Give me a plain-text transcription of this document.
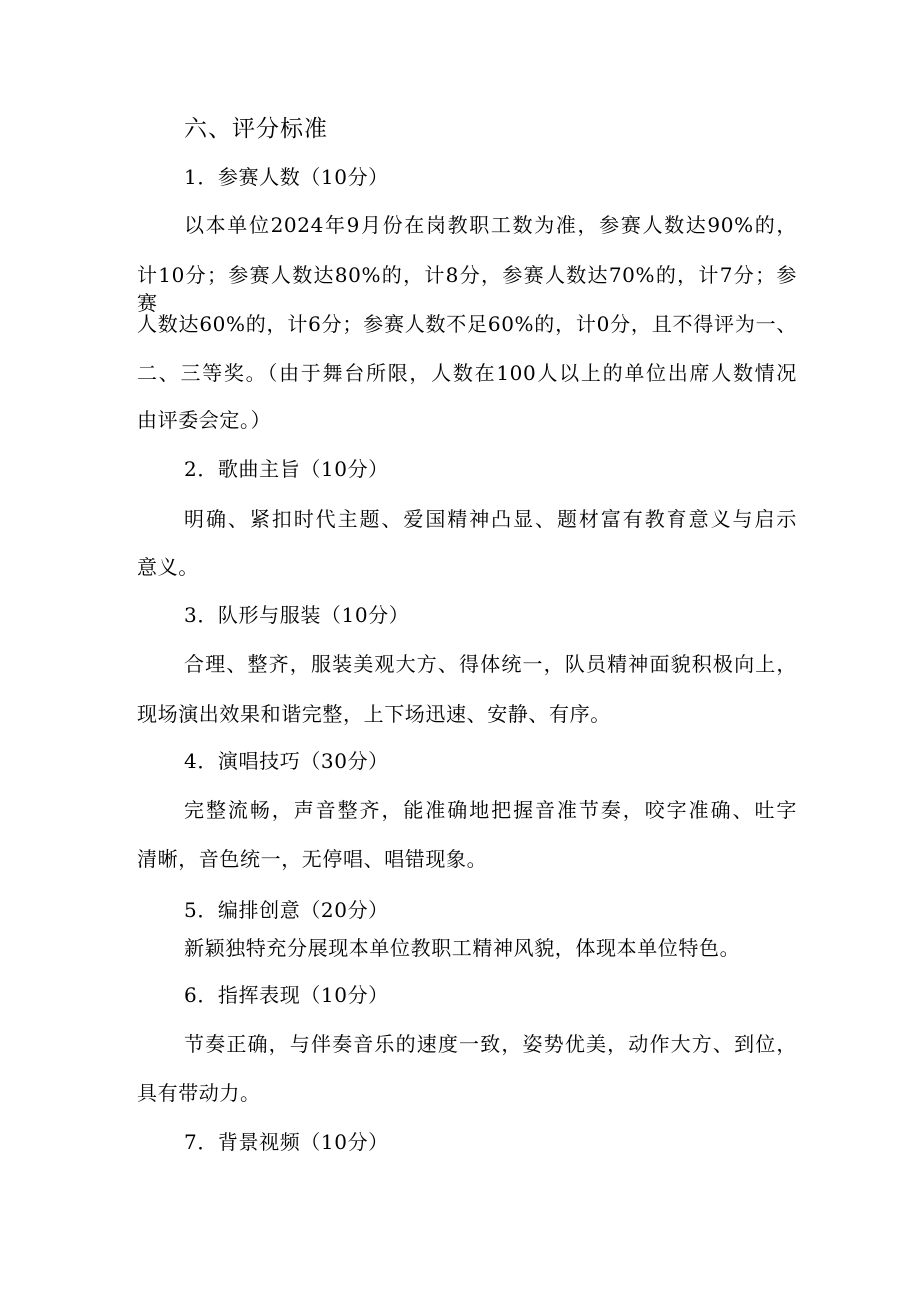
六、评分标准
1．参赛人数（10分）
以本单位2024年9月份在岗教职工数为准，参赛人数达90%的，
计10分；参赛人数达80%的，计8分，参赛人数达70%的，计7分；参赛
人数达60%的，计6分；参赛人数不足60%的，计0分，且不得评为一、
二、三等奖。（由于舞台所限，人数在100人以上的单位出席人数情况
由评委会定。）
2．歌曲主旨（10分）
明确、紧扣时代主题、爱国精神凸显、题材富有教育意义与启示
意义。
3．队形与服装（10分）
合理、整齐，服装美观大方、得体统一，队员精神面貌积极向上，
现场演出效果和谐完整，上下场迅速、安静、有序。
4．演唱技巧（30分）
完整流畅，声音整齐，能准确地把握音准节奏，咬字准确、吐字
清晰，音色统一，无停唱、唱错现象。
5．编排创意（20分）
新颖独特充分展现本单位教职工精神风貌，体现本单位特色。
6．指挥表现（10分）
节奏正确，与伴奏音乐的速度一致，姿势优美，动作大方、到位，
具有带动力。
7．背景视频（10分）
